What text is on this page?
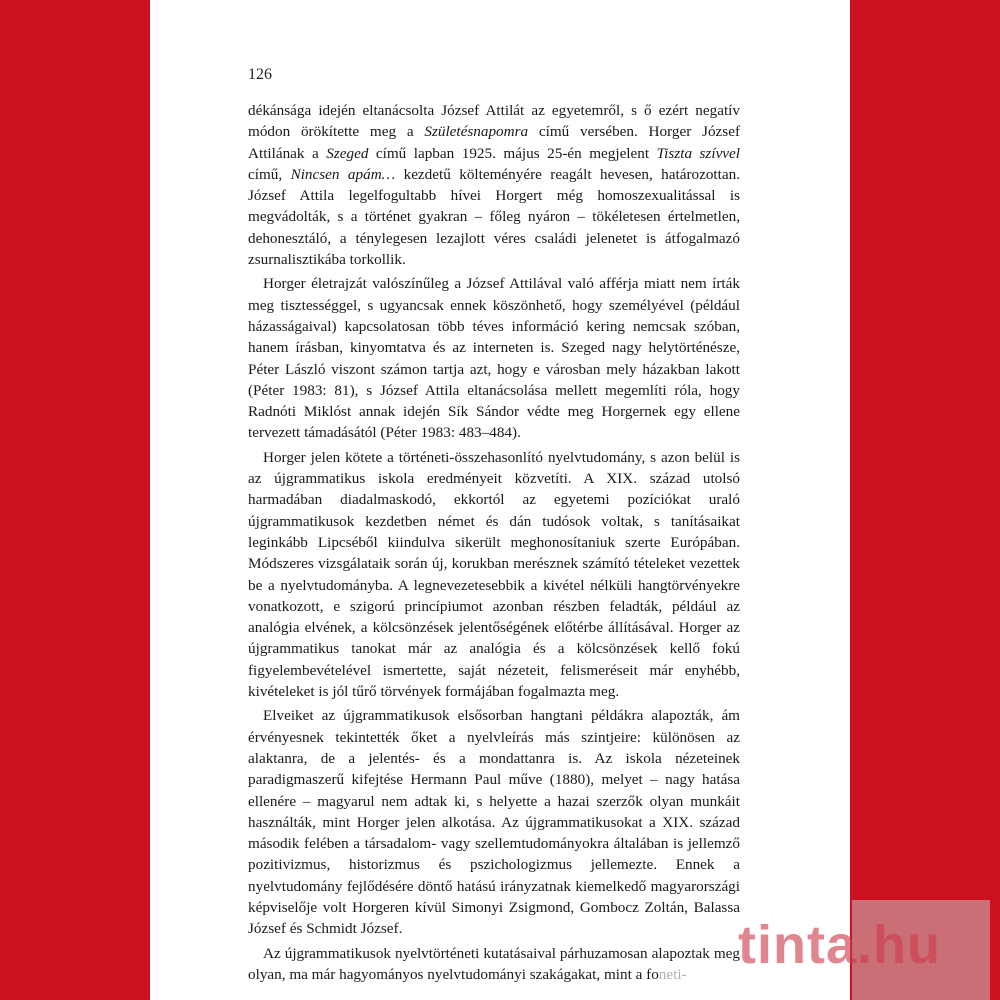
126

dékánsága idején eltanácsolta József Attilát az egyetemről, s ő ezért negatív módon örökítette meg a Születésnapomra című versében. Horger József Attilának a Szeged című lapban 1925. május 25-én megjelent Tiszta szívvel című, Nincsen apám… kezdetű költeményére reagált hevesen, határozottan. József Attila legelfogultabb hívei Horgert még homoszexualitással is megvádolták, s a történet gyakran – főleg nyáron – tökéletesen értelmetlen, dehonesztáló, a ténylegesen lezajlott véres családi jelenetet is átfogalmazó zsurnalisztikába torkollik.

Horger életrajzát valószínűleg a József Attilával való afférja miatt nem írták meg tisztességgel, s ugyancsak ennek köszönhető, hogy személyével (például házasságaival) kapcsolatosan több téves információ kering nemcsak szóban, hanem írásban, kinyomtatva és az interneten is. Szeged nagy helytörténésze, Péter László viszont számon tartja azt, hogy e városban mely házakban lakott (Péter 1983: 81), s József Attila eltanácsolása mellett megemlíti róla, hogy Radnóti Miklóst annak idején Sík Sándor védte meg Horgernek egy ellene tervezett támadásától (Péter 1983: 483–484).

Horger jelen kötete a történeti-összehasonlító nyelvtudomány, s azon belül is az újgrammatikus iskola eredményeit közvetíti. A XIX. század utolsó harmadában diadalmaskodó, ekkortól az egyetemi pozíciókat uraló újgrammatikusok kezdetben német és dán tudósok voltak, s tanításaikat leginkább Lipcséből kiindulva sikerült meghonosítaniuk szerte Európában. Módszeres vizsgálataik során új, korukban merésznek számító tételeket vezettek be a nyelvtudományba. A legnevezetesebbik a kivétel nélküli hangtörvényekre vonatkozott, e szigorú princípiumot azonban részben feladták, például az analógia elvének, a kölcsönzések jelentőségének előtérbe állításával. Horger az újgrammatikus tanokat már az analógia és a kölcsönzések kellő fokú figyelembevételével ismertette, saját nézeteit, felismeréseit már enyhébb, kivételeket is jól tűrő törvények formájában fogalmazta meg.

Elveiket az újgrammatikusok elsősorban hangtani példákra alapozták, ám érvényesnek tekintették őket a nyelvleírás más szintjeire: különösen az alaktanra, de a jelentés- és a mondattanra is. Az iskola nézeteinek paradigmaszerű kifejtése Hermann Paul műve (1880), melyet – nagy hatása ellenére – magyarul nem adtak ki, s helyette a hazai szerzők olyan munkáit használták, mint Horger jelen alkotása. Az újgrammatikusokat a XIX. század második felében a társadalom- vagy szellemtudományokra általában is jellemző pozitivizmus, historizmus és pszichologizmus jellemezte. Ennek a nyelvtudomány fejlődésére döntő hatású irányzatnak kiemelkedő magyarországi képviselője volt Horgeren kívül Simonyi Zsigmond, Gombocz Zoltán, Balassa József és Schmidt József.

Az újgrammatikusok nyelvtörténeti kutatásaival párhuzamosan alapoztak meg olyan, ma már hagyományos nyelvtudományi szakágakat, mint a foneti- tinta.hu
